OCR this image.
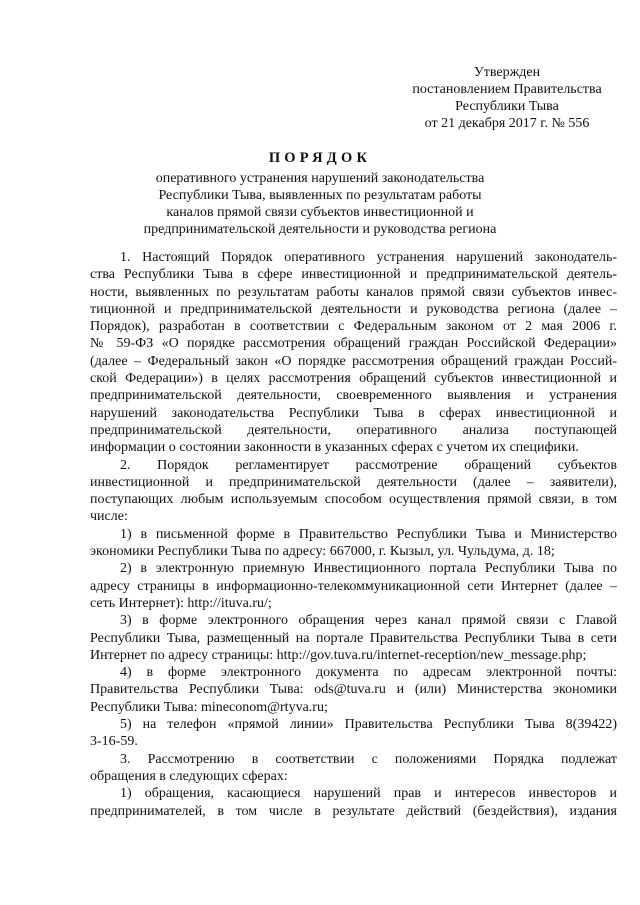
Утвержден
постановлением Правительства
Республики Тыва
от 21 декабря 2017 г. № 556
ПОРЯДОК
оперативного устранения нарушений законодательства
Республики Тыва, выявленных по результатам работы
каналов прямой связи субъектов инвестиционной и
предпринимательской деятельности и руководства региона
1. Настоящий Порядок оперативного устранения нарушений законодатель-
ства Республики Тыва в сфере инвестиционной и предпринимательской деятель-
ности, выявленных по результатам работы каналов прямой связи субъектов инвес-
тиционной и предпринимательской деятельности и руководства региона (далее –
Порядок), разработан в соответствии с Федеральным законом от 2 мая 2006 г.
№ 59-ФЗ «О порядке рассмотрения обращений граждан Российской Федерации»
(далее – Федеральный закон «О порядке рассмотрения обращений граждан Россий-
ской Федерации») в целях рассмотрения обращений субъектов инвестиционной и
предпринимательской деятельности, своевременного выявления и устранения
нарушений законодательства Республики Тыва в сферах инвестиционной и
предпринимательской деятельности, оперативного анализа поступающей
информации о состоянии законности в указанных сферах с учетом их специфики.
2. Порядок регламентирует рассмотрение обращений субъектов
инвестиционной и предпринимательской деятельности (далее – заявители),
поступающих любым используемым способом осуществления прямой связи, в том
числе:
1) в письменной форме в Правительство Республики Тыва и Министерство
экономики Республики Тыва по адресу: 667000, г. Кызыл, ул. Чульдума, д. 18;
2) в электронную приемную Инвестиционного портала Республики Тыва по
адресу страницы в информационно-телекоммуникационной сети Интернет (далее –
сеть Интернет): http://ituva.ru/;
3) в форме электронного обращения через канал прямой связи с Главой
Республики Тыва, размещенный на портале Правительства Республики Тыва в сети
Интернет по адресу страницы: http://gov.tuva.ru/internet-reception/new_message.php;
4) в форме электронного документа по адресам электронной почты:
Правительства Республики Тыва: ods@tuva.ru и (или) Министерства экономики
Республики Тыва: mineconom@rtyva.ru;
5) на телефон «прямой линии» Правительства Республики Тыва 8(39422)
3-16-59.
3. Рассмотрению в соответствии с положениями Порядка подлежат
обращения в следующих сферах:
1) обращения, касающиеся нарушений прав и интересов инвесторов и
предпринимателей, в том числе в результате действий (бездействия), издания
